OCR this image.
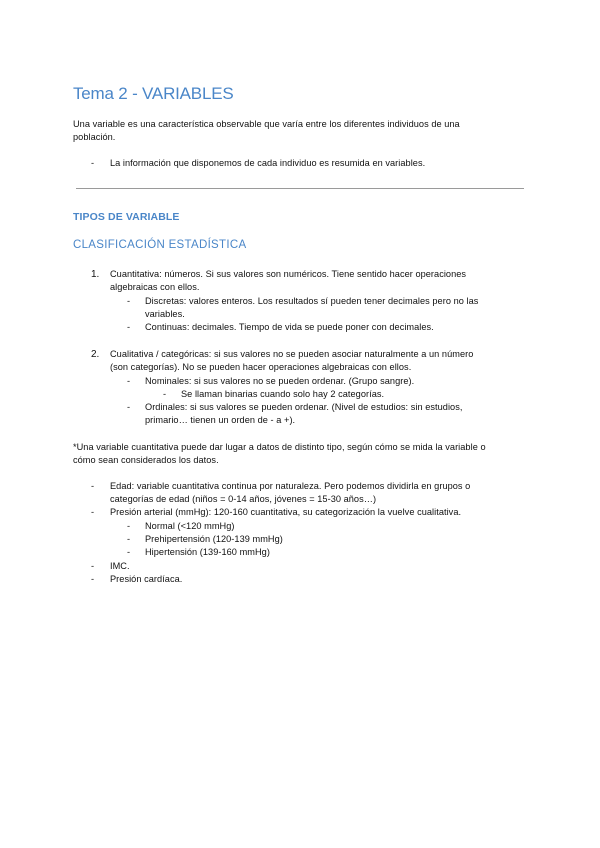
Tema 2 - VARIABLES
Una variable es una característica observable que varía entre los diferentes individuos de una
población.
- La información que disponemos de cada individuo es resumida en variables.
TIPOS DE VARIABLE
CLASIFICACIÓN ESTADÍSTICA
1. Cuantitativa: números. Si sus valores son numéricos. Tiene sentido hacer operaciones
algebraicas con ellos.
- Discretas: valores enteros. Los resultados sí pueden tener decimales pero no las
variables.
- Continuas: decimales. Tiempo de vida se puede poner con decimales.
2. Cualitativa / categóricas: si sus valores no se pueden asociar naturalmente a un número
(son categorías). No se pueden hacer operaciones algebraicas con ellos.
- Nominales: si sus valores no se pueden ordenar. (Grupo sangre).
- Se llaman binarias cuando solo hay 2 categorías.
- Ordinales: si sus valores se pueden ordenar. (Nivel de estudios: sin estudios,
primario… tienen un orden de - a +).
*Una variable cuantitativa puede dar lugar a datos de distinto tipo, según cómo se mida la variable o
cómo sean considerados los datos.
- Edad: variable cuantitativa continua por naturaleza. Pero podemos dividirla en grupos o
categorías de edad (niños = 0-14 años, jóvenes = 15-30 años…)
- Presión arterial (mmHg): 120-160 cuantitativa, su categorización la vuelve cualitativa.
- Normal (<120 mmHg)
- Prehipertensión (120-139 mmHg)
- Hipertensión (139-160 mmHg)
- IMC.
- Presión cardíaca.
